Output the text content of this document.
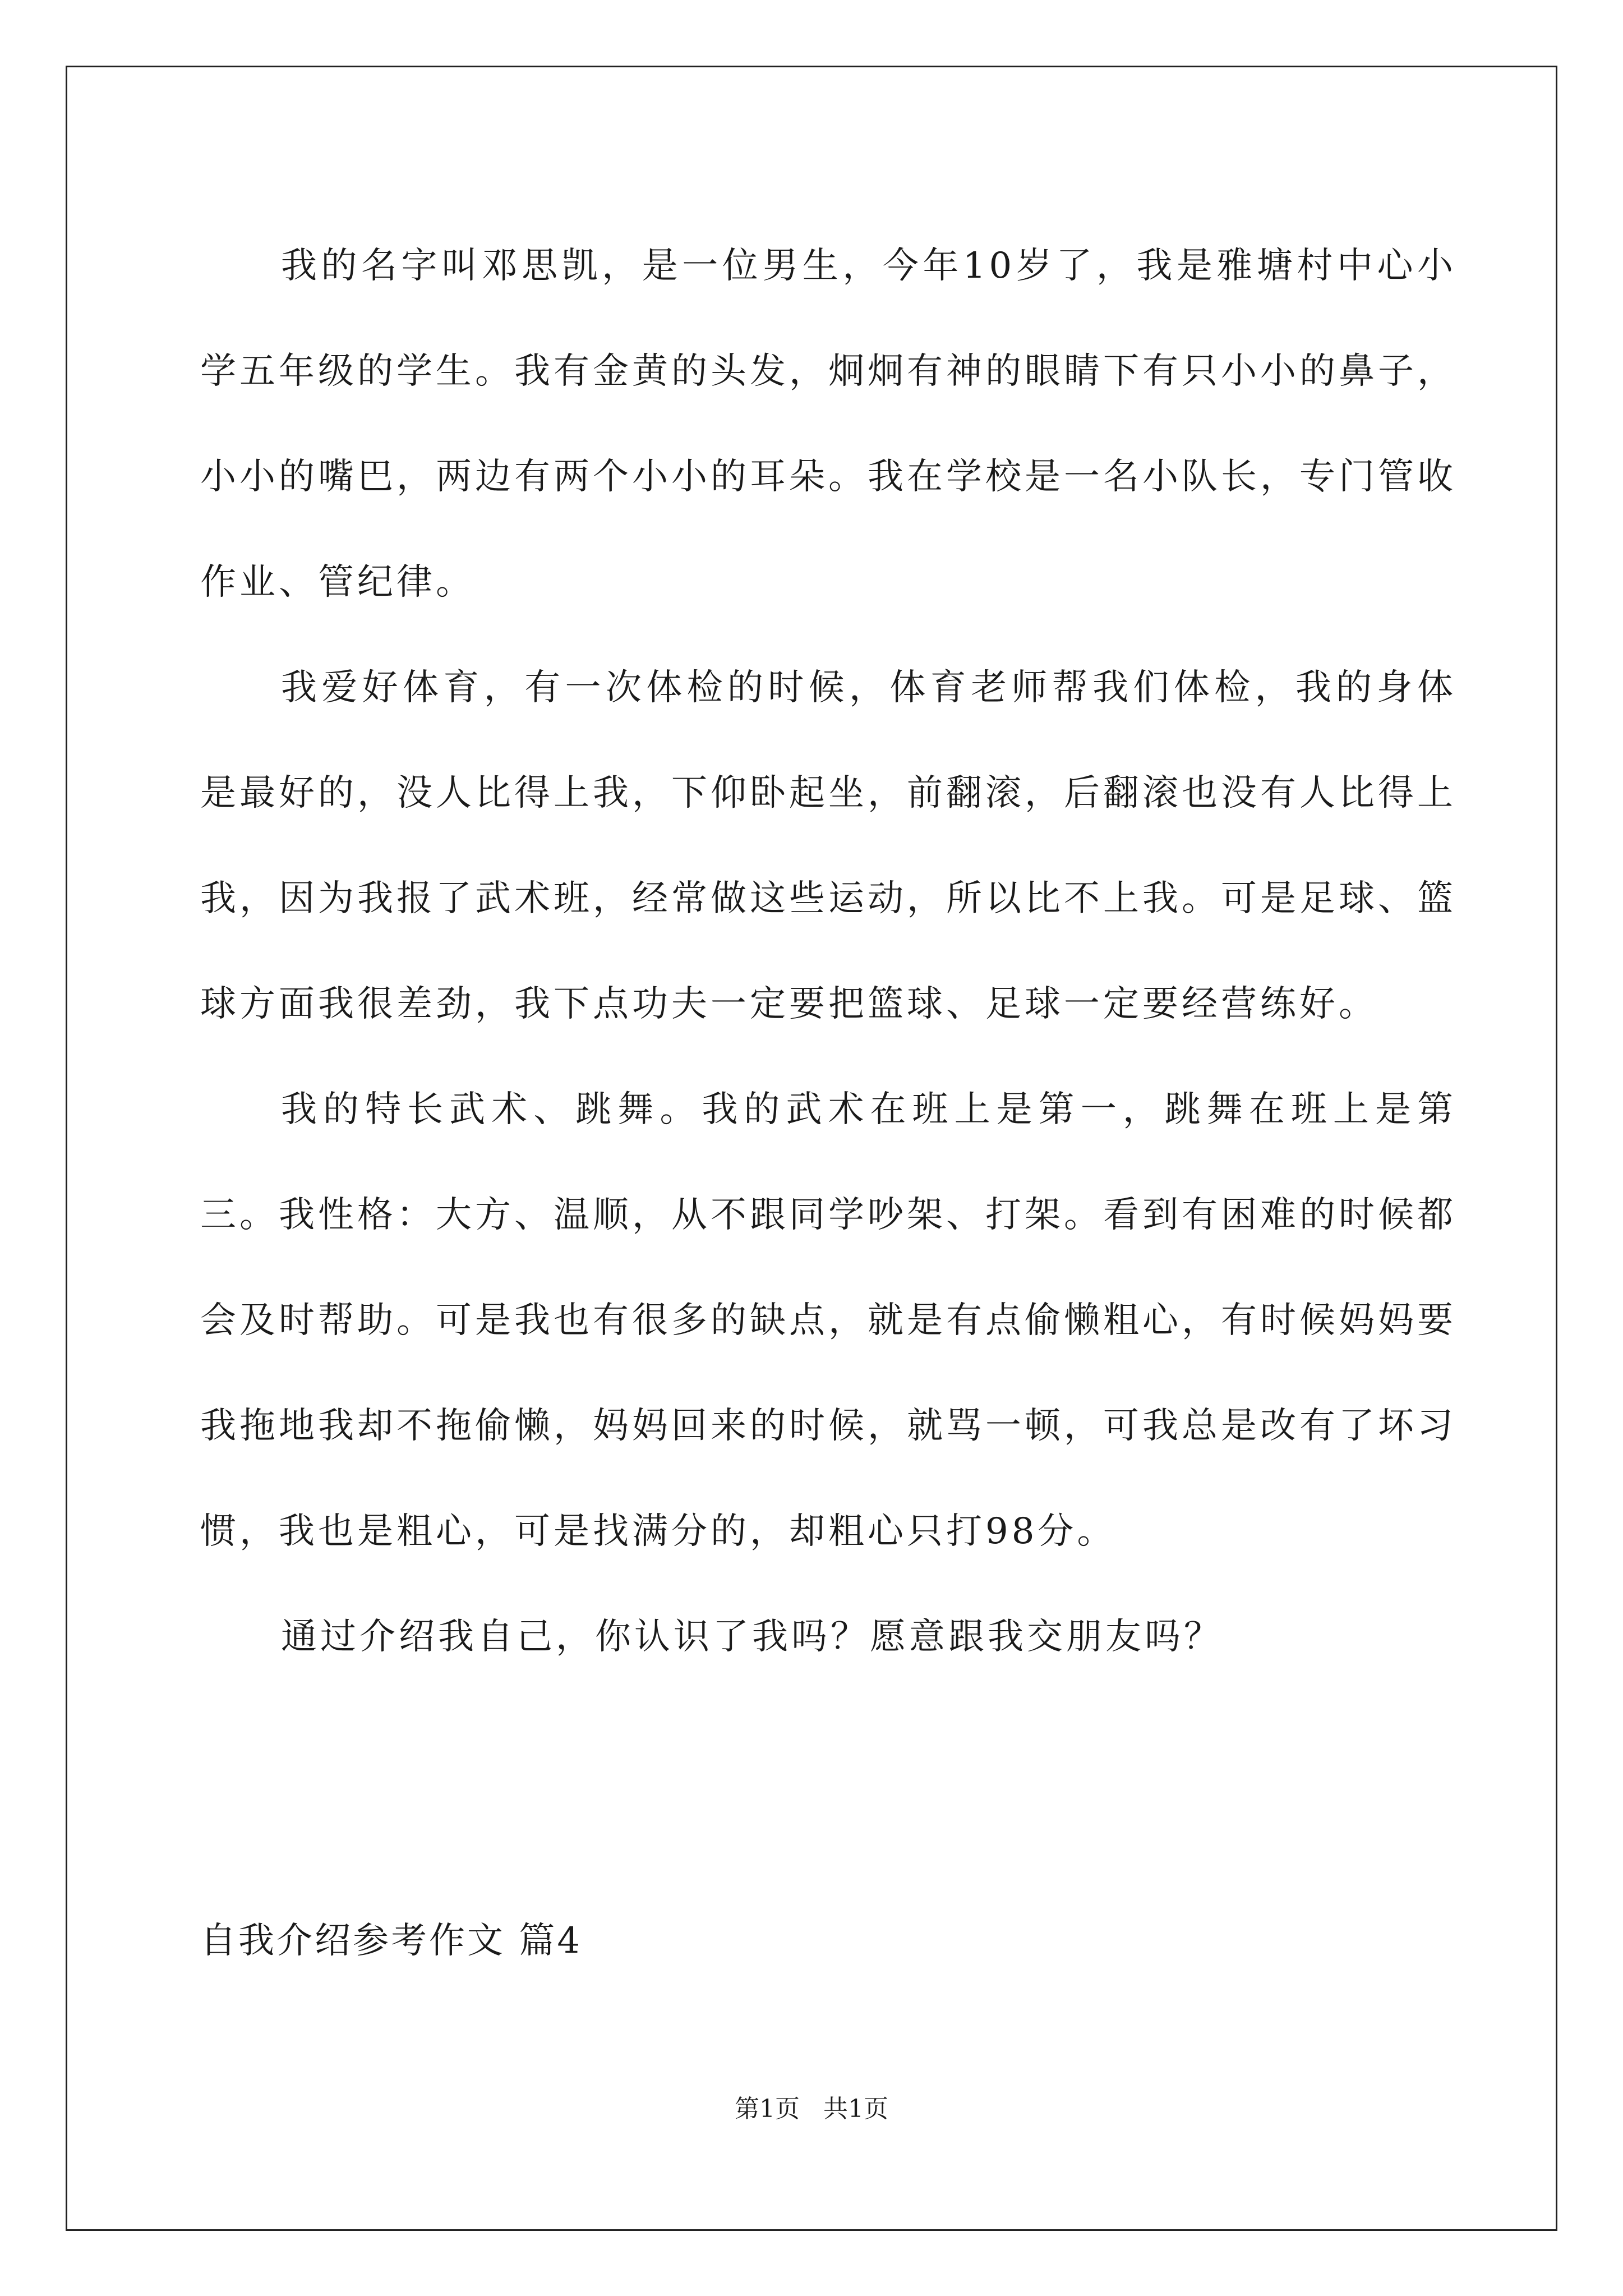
我的名字叫邓思凯，是一位男生，今年10岁了，我是雅塘村中心小学五年级的学生。我有金黄的头发，炯炯有神的眼睛下有只小小的鼻子，小小的嘴巴，两边有两个小小的耳朵。我在学校是一名小队长，专门管收作业、管纪律。

我爱好体育，有一次体检的时候，体育老师帮我们体检，我的身体是最好的，没人比得上我，下仰卧起坐，前翻滚，后翻滚也没有人比得上我，因为我报了武术班，经常做这些运动，所以比不上我。可是足球、篮球方面我很差劲，我下点功夫一定要把篮球、足球一定要经营练好。

我的特长武术、跳舞。我的武术在班上是第一，跳舞在班上是第三。我性格：大方、温顺，从不跟同学吵架、打架。看到有困难的时候都会及时帮助。可是我也有很多的缺点，就是有点偷懒粗心，有时候妈妈要我拖地我却不拖偷懒，妈妈回来的时候，就骂一顿，可我总是改有了坏习惯，我也是粗心，可是找满分的，却粗心只打98分。

通过介绍我自己，你认识了我吗？愿意跟我交朋友吗？

自我介绍参考作文 篇4
第1页 共1页
